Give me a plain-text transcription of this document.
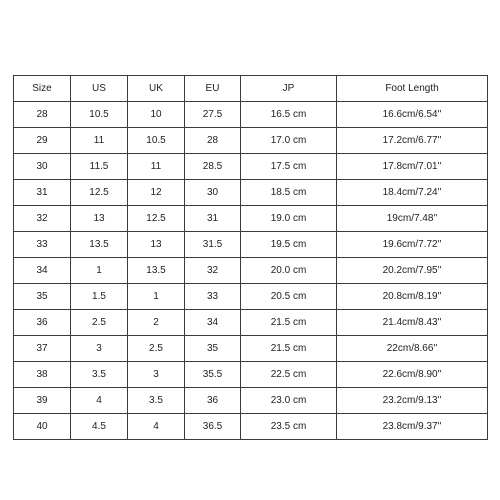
Size	US	UK	EU	JP	Foot Length
28	10.5	10	27.5	16.5 cm	16.6cm/6.54''
29	11	10.5	28	17.0 cm	17.2cm/6.77''
30	11.5	11	28.5	17.5 cm	17.8cm/7.01''
31	12.5	12	30	18.5 cm	18.4cm/7.24''
32	13	12.5	31	19.0 cm	19cm/7.48''
33	13.5	13	31.5	19.5 cm	19.6cm/7.72''
34	1	13.5	32	20.0 cm	20.2cm/7.95''
35	1.5	1	33	20.5 cm	20.8cm/8.19''
36	2.5	2	34	21.5 cm	21.4cm/8.43''
37	3	2.5	35	21.5 cm	22cm/8.66''
38	3.5	3	35.5	22.5 cm	22.6cm/8.90''
39	4	3.5	36	23.0 cm	23.2cm/9.13''
40	4.5	4	36.5	23.5 cm	23.8cm/9.37''
